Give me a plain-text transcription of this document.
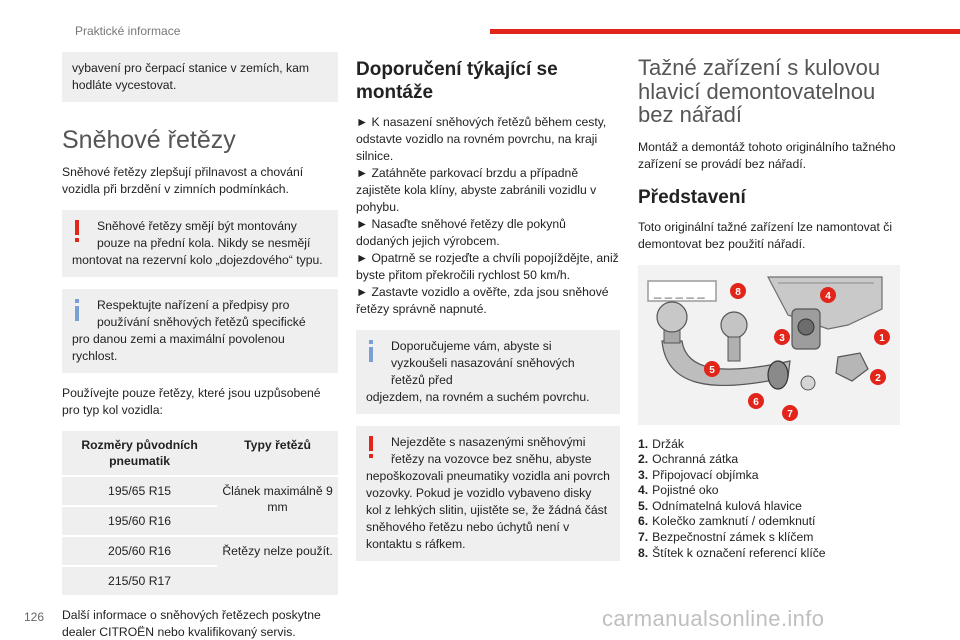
Praktické informace
vybavení pro čerpací stanice v zemích, kam hodláte vycestovat.
Sněhové řetězy

Sněhové řetězy zlepšují přilnavost a chování vozidla při brzdění v zimních podmínkách.

Sněhové řetězy smějí být montovány pouze na přední kola. Nikdy se nesmějí
montovat na rezervní kolo „dojezdového“ typu.
Respektujte nařízení a předpisy pro používání sněhových řetězů specifické
pro danou zemi a maximální povolenou rychlost.

Používejte pouze řetězy, které jsou uzpůsobené pro typ kol vozidla:

Rozměry původních pneumatik	Typy řetězů
195/65 R15	Článek maximálně 9 mm
195/60 R16	
205/60 R16	Řetězy nelze použít.
215/50 R17	

Další informace o sněhových řetězech poskytne dealer CITROËN nebo kvalifikovaný servis.

Doporučení týkající se montáže
► K nasazení sněhových řetězů během cesty, odstavte vozidlo na rovném povrchu, na kraji silnice.
► Zatáhněte parkovací brzdu a případně zajistěte kola klíny, abyste zabránili vozidlu v pohybu.
► Nasaďte sněhové řetězy dle pokynů dodaných jejich výrobcem.
► Opatrně se rozjeďte a chvíli popojíždějte, aniž byste přitom překročili rychlost 50 km/h.
► Zastavte vozidlo a ověřte, zda jsou sněhové řetězy správně napnuté.
Doporučujeme vám, abyste si vyzkoušeli nasazování sněhových řetězů před
odjezdem, na rovném a suchém povrchu.
Nejezděte s nasazenými sněhovými řetězy na vozovce bez sněhu, abyste
nepoškozovali pneumatiky vozidla ani povrch vozovky. Pokud je vozidlo vybaveno disky kol z lehkých slitin, ujistěte se, že žádná část sněhového řetězu nebo úchytů není v kontaktu s ráfkem.
Tažné zařízení s kulovou hlavicí demontovatelnou bez nářadí

Montáž a demontáž tohoto originálního tažného zařízení se provádí bez nářadí.

Představení

Toto originální tažné zařízení lze namontovat či demontovat bez použití nářadí.

_ _ _ _ _
1
2
3
4
5
6
7
8
1. Držák
2. Ochranná zátka
3. Připojovací objímka
4. Pojistné oko
5. Odnímatelná kulová hlavice
6. Kolečko zamknutí / odemknutí
7. Bezpečnostní zámek s klíčem
8. Štítek k označení referencí klíče
126	carmanualsonline.info
